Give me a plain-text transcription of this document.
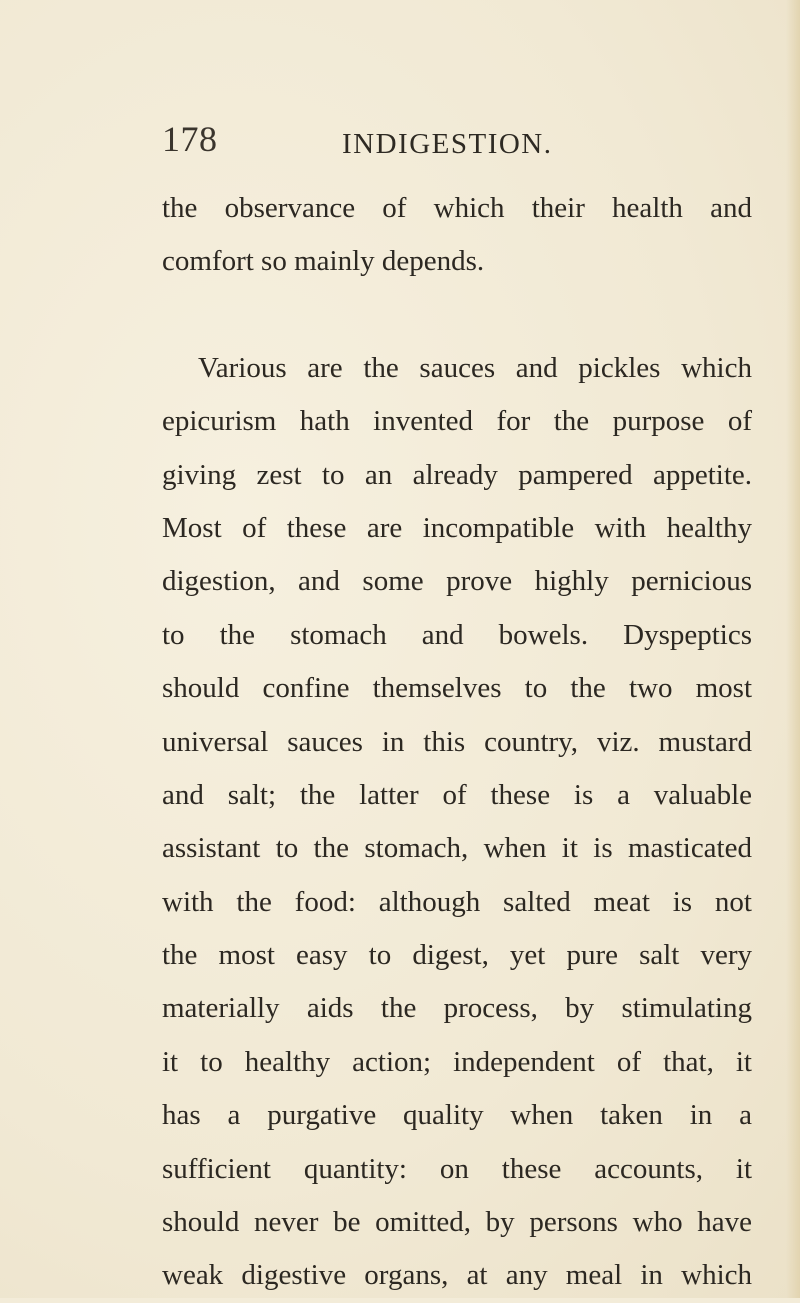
178	INDIGESTION.
the observance of which their health and
comfort so mainly depends.
Various are the sauces and pickles which
epicurism hath invented for the purpose of
giving zest to an already pampered appetite.
Most of these are incompatible with healthy
digestion, and some prove highly pernicious
to the stomach and bowels. Dyspeptics
should confine themselves to the two most
universal sauces in this country, viz. mustard
and salt; the latter of these is a valuable
assistant to the stomach, when it is masticated
with the food: although salted meat is not
the most easy to digest, yet pure salt very
materially aids the process, by stimulating
it to healthy action; independent of that, it
has a purgative quality when taken in a
sufficient quantity: on these accounts, it
should never be omitted, by persons who have
weak digestive organs, at any meal in which
